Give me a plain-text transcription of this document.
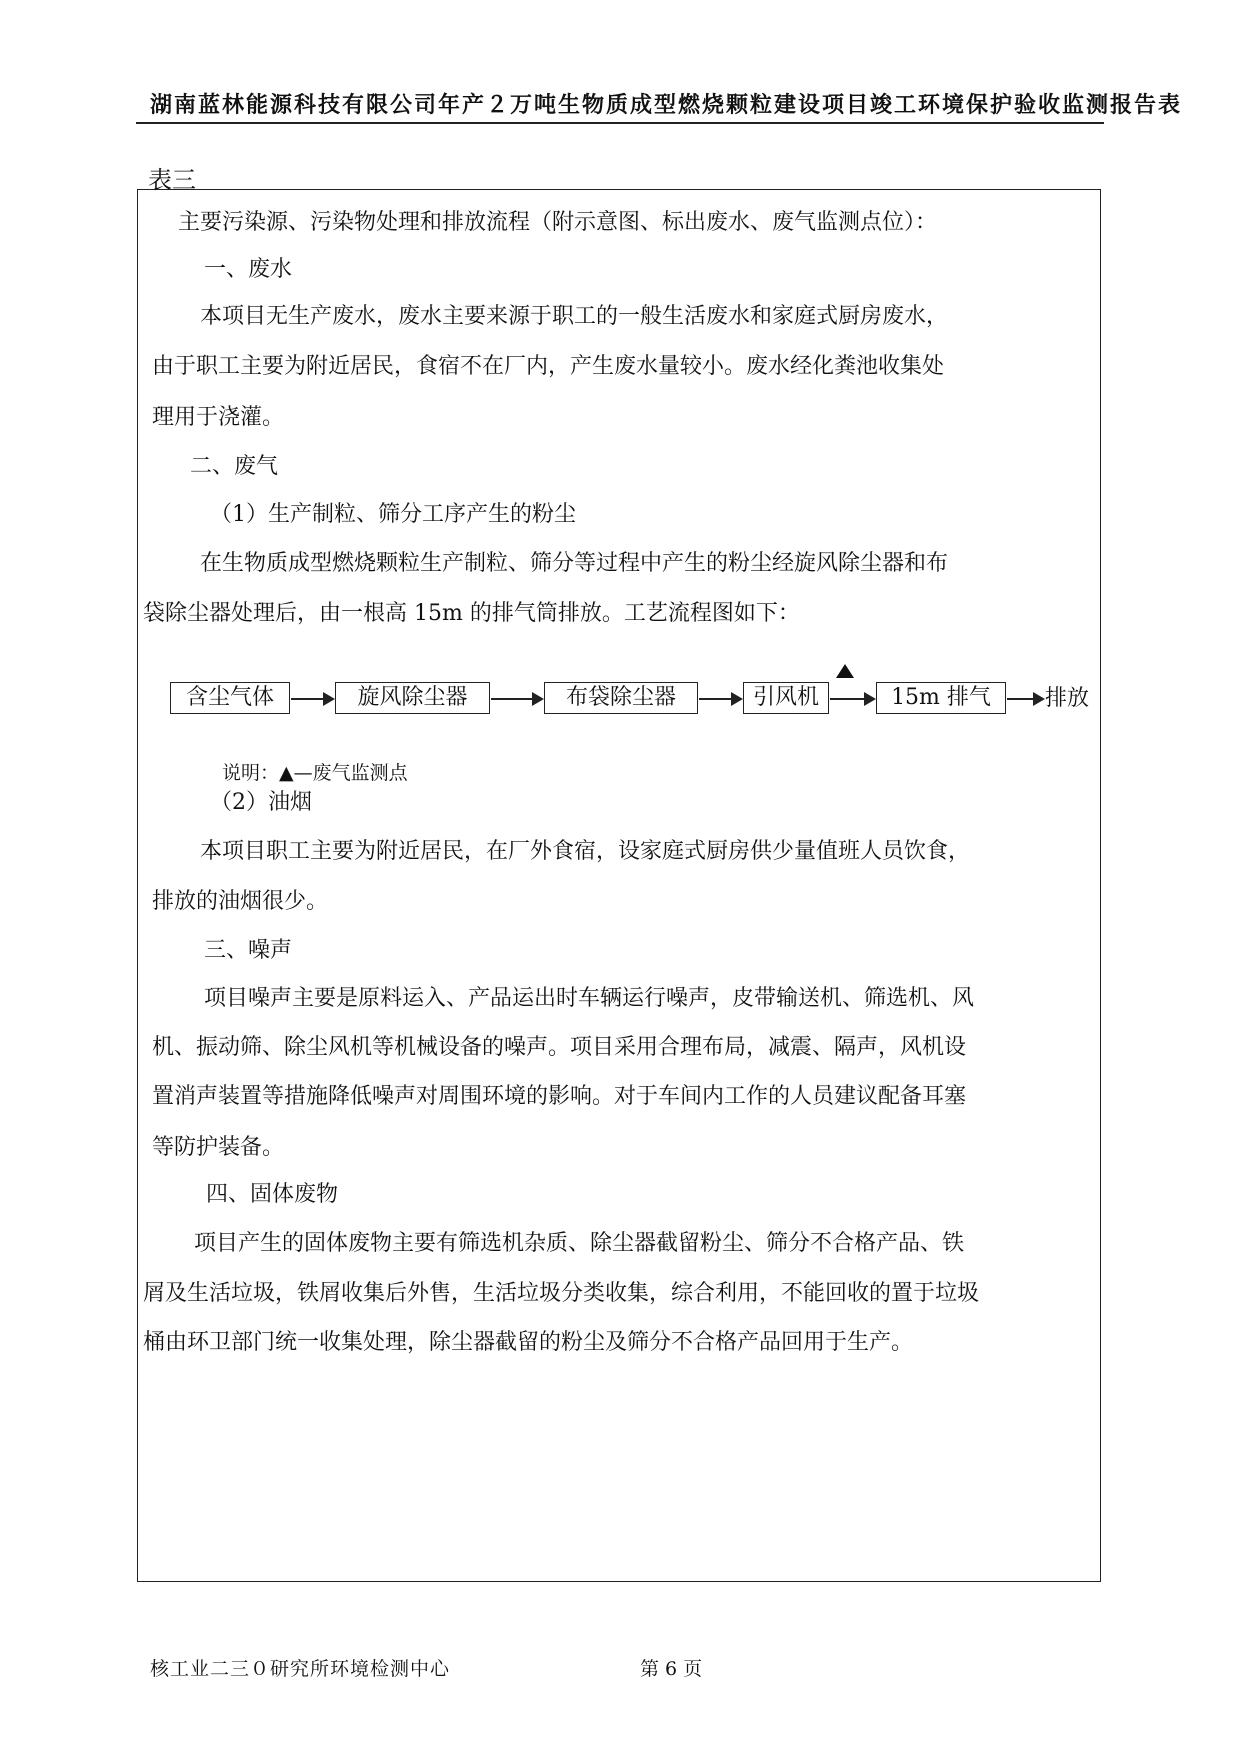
湖南蓝林能源科技有限公司年产２万吨生物质成型燃烧颗粒建设项目竣工环境保护验收监测报告表
表三
主要污染源、污染物处理和排放流程（附示意图、标出废水、废气监测点位）：
一、废水
本项目无生产废水，废水主要来源于职工的一般生活废水和家庭式厨房废水，
由于职工主要为附近居民，食宿不在厂内，产生废水量较小。废水经化粪池收集处
理用于浇灌。
二、废气
（1）生产制粒、筛分工序产生的粉尘
在生物质成型燃烧颗粒生产制粒、筛分等过程中产生的粉尘经旋风除尘器和布
袋除尘器处理后，由一根高 15m 的排气筒排放。工艺流程图如下：
含尘气体	旋风除尘器	布袋除尘器	引风机	15m 排气	排放
说明：▲—废气监测点
（2）油烟
本项目职工主要为附近居民，在厂外食宿，设家庭式厨房供少量值班人员饮食，
排放的油烟很少。
三、噪声
项目噪声主要是原料运入、产品运出时车辆运行噪声，皮带输送机、筛选机、风
机、振动筛、除尘风机等机械设备的噪声。项目采用合理布局，减震、隔声，风机设
置消声装置等措施降低噪声对周围环境的影响。对于车间内工作的人员建议配备耳塞
等防护装备。
四、固体废物
项目产生的固体废物主要有筛选机杂质、除尘器截留粉尘、筛分不合格产品、铁
屑及生活垃圾，铁屑收集后外售，生活垃圾分类收集，综合利用，不能回收的置于垃圾
桶由环卫部门统一收集处理，除尘器截留的粉尘及筛分不合格产品回用于生产。
核工业二三０研究所环境检测中心	第 6 页
